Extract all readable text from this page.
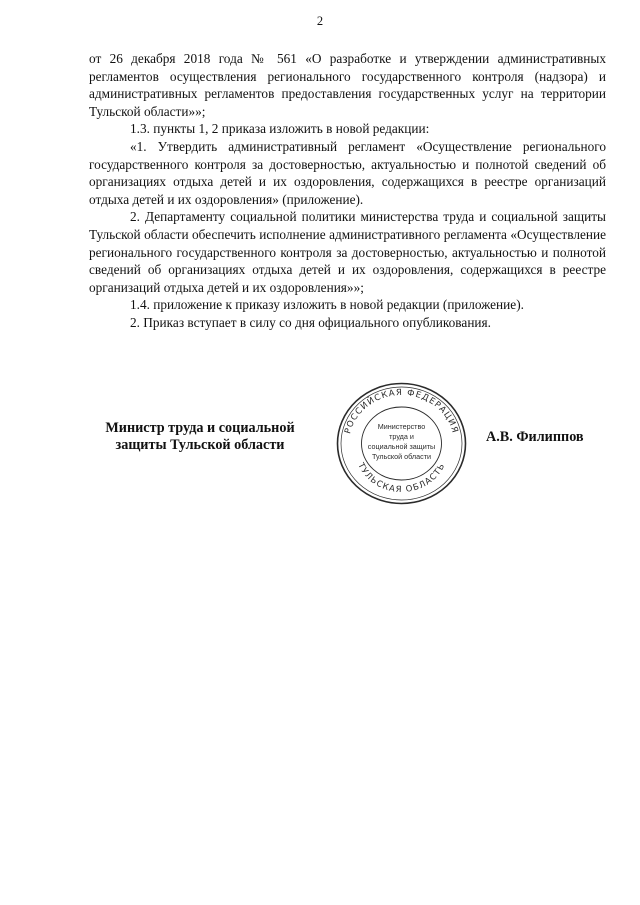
2

от 26 декабря 2018 года № 561 «О разработке и утверждении административных регламентов осуществления регионального государственного контроля (надзора) и административных регламентов предоставления государственных услуг на территории Тульской области»»;

1.3. пункты 1, 2 приказа изложить в новой редакции:

«1. Утвердить административный регламент «Осуществление регионального государственного контроля за достоверностью, актуальностью и полнотой сведений об организациях отдыха детей и их оздоровления, содержащихся в реестре организаций отдыха детей и их оздоровления» (приложение).

2. Департаменту социальной политики министерства труда и социальной защиты Тульской области обеспечить исполнение административного регламента «Осуществление регионального государственного контроля за достоверностью, актуальностью и полнотой сведений об организациях отдыха детей и их оздоровления, содержащихся в реестре организаций отдыха детей и их оздоровления»»;

1.4. приложение к приказу изложить в новой редакции (приложение).

2. Приказ вступает в силу со дня официального опубликования.

Министр труда и социальной
защиты Тульской области	А.В. Филиппов
РОССИЙСКАЯ ФЕДЕРАЦИЯ
ТУЛЬСКАЯ ОБЛАСТЬ
Министерство
труда и
социальной защиты
Тульской области
